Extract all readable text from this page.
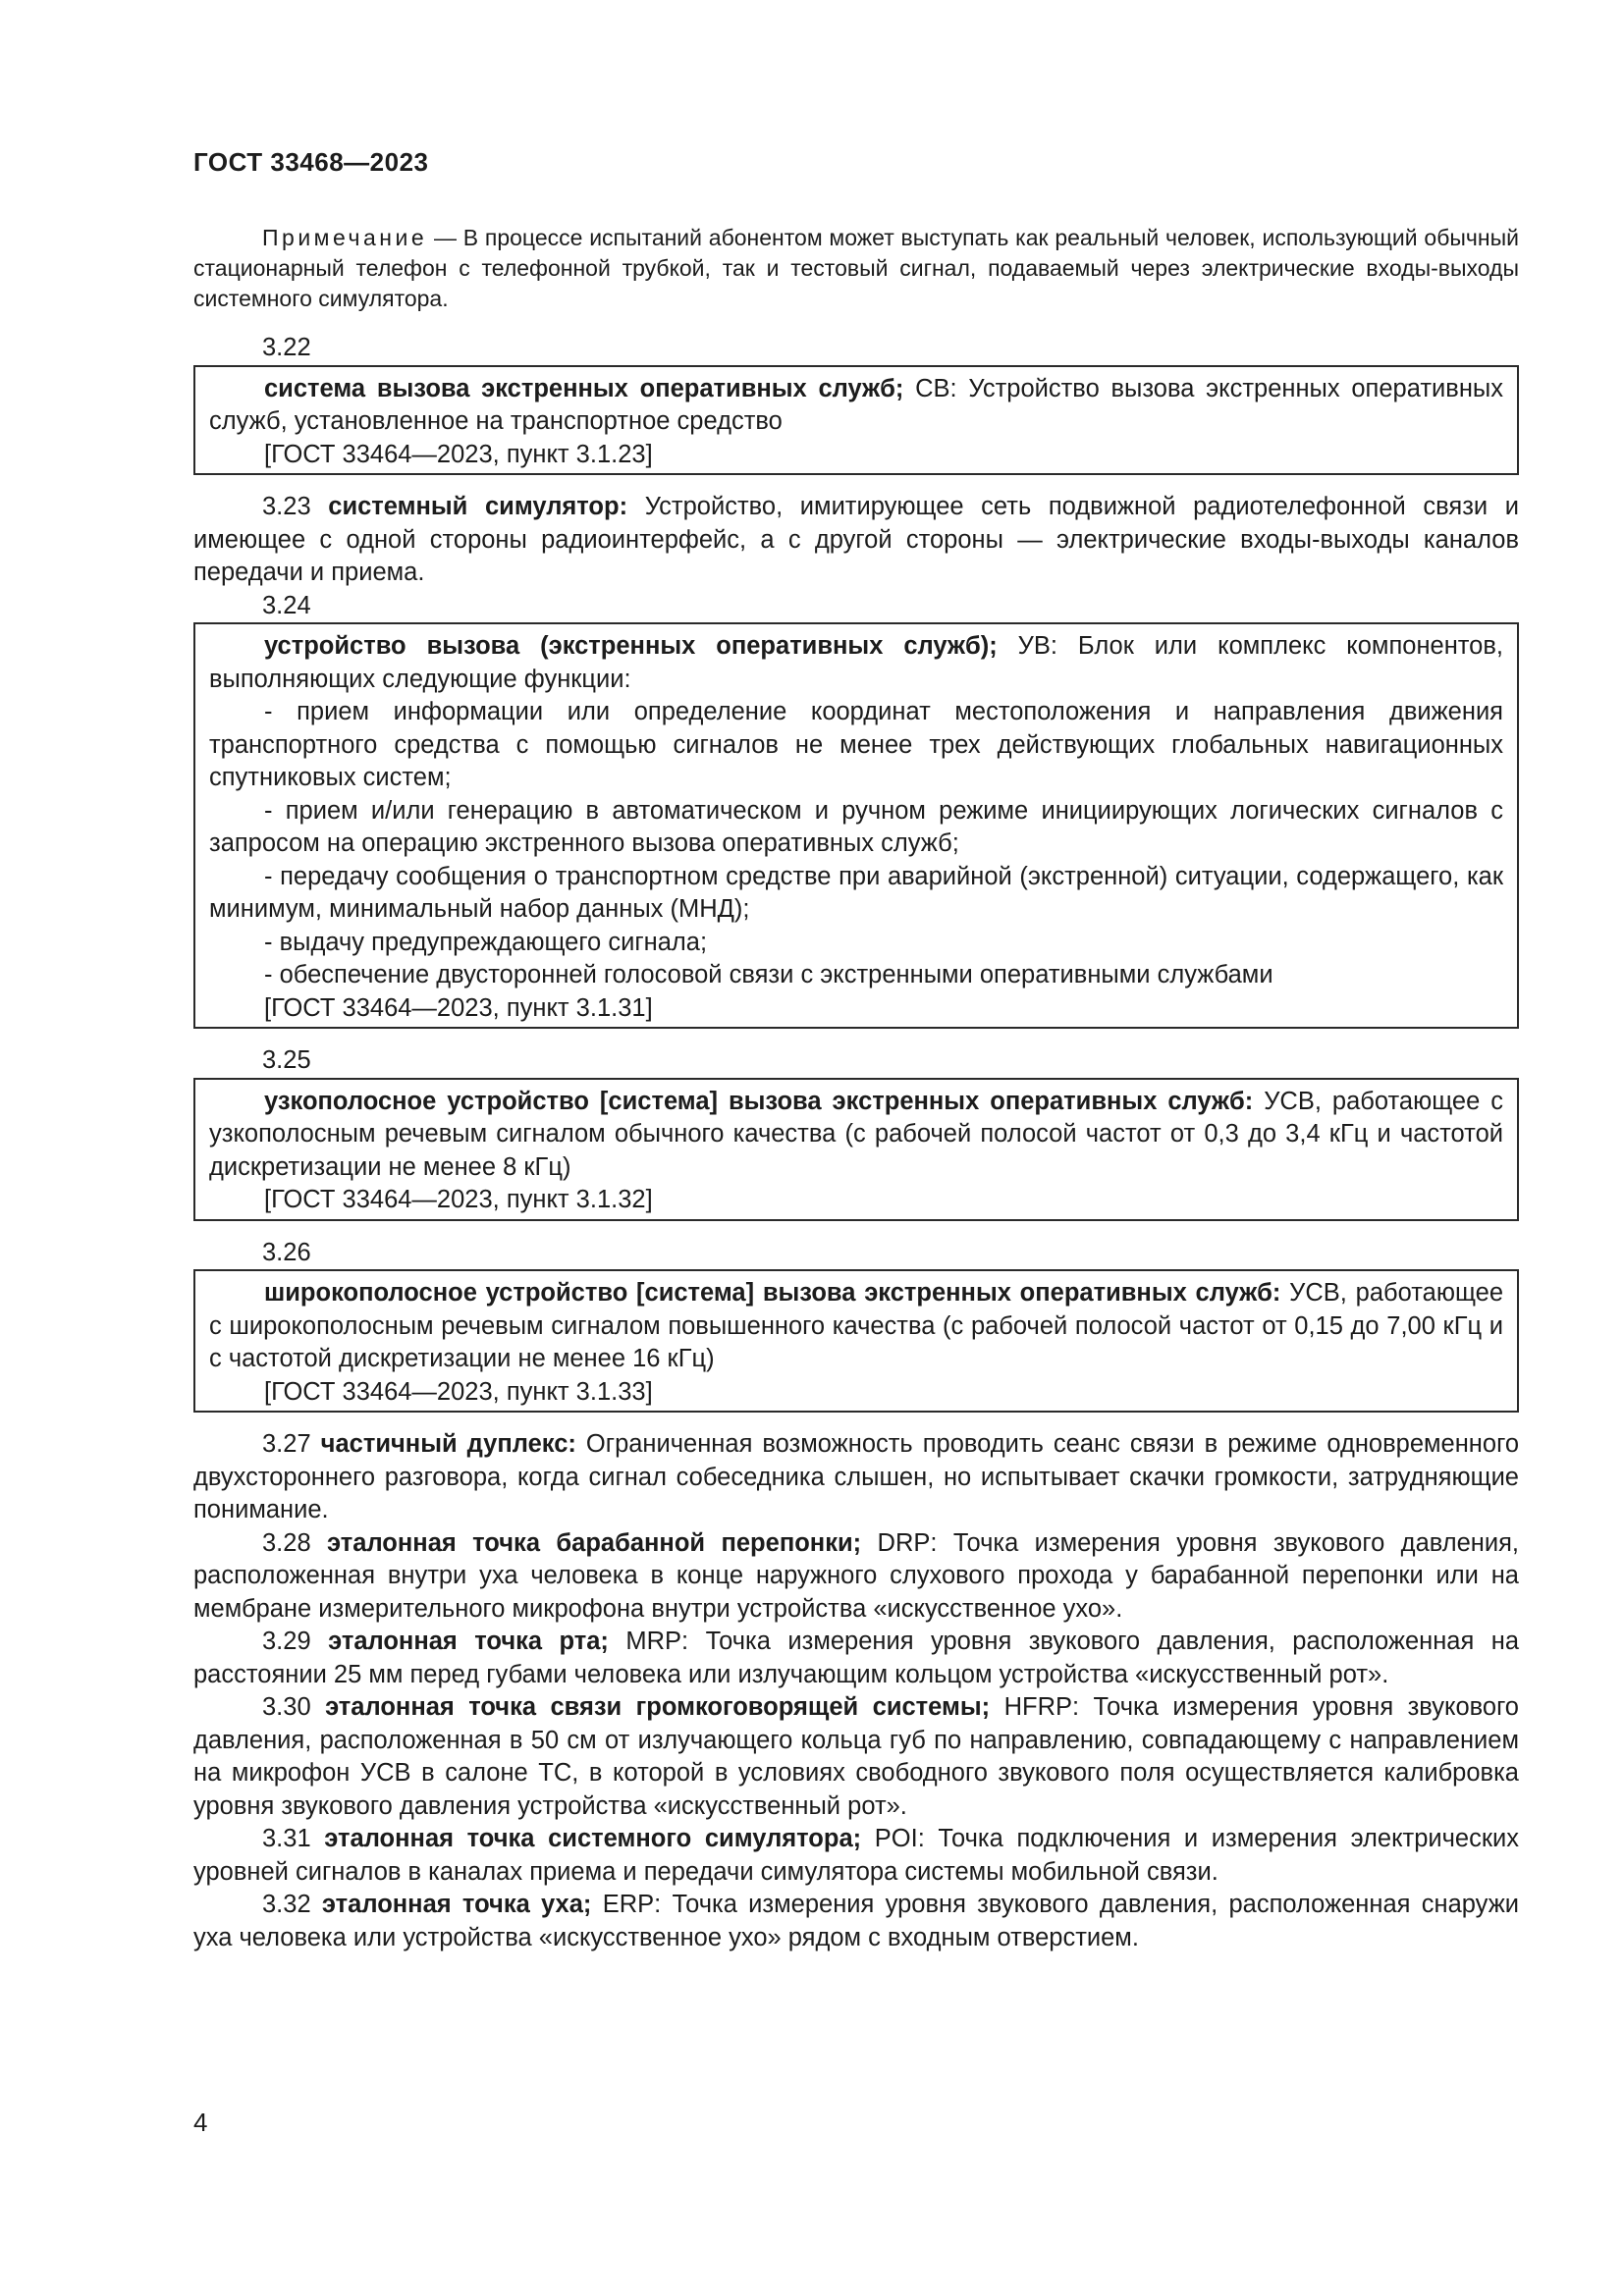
ГОСТ 33468—2023

Примечание — В процессе испытаний абонентом может выступать как реальный человек, использующий обычный стационарный телефон с телефонной трубкой, так и тестовый сигнал, подаваемый через электрические входы-выходы системного симулятора.

3.22

система вызова экстренных оперативных служб; СВ: Устройство вызова экстренных оперативных служб, установленное на транспортное средство

[ГОСТ 33464—2023, пункт 3.1.23]

3.23 системный симулятор: Устройство, имитирующее сеть подвижной радиотелефонной связи и имеющее с одной стороны радиоинтерфейс, а с другой стороны — электрические входы-выходы каналов передачи и приема.

3.24

устройство вызова (экстренных оперативных служб); УВ: Блок или комплекс компонентов, выполняющих следующие функции:

- прием информации или определение координат местоположения и направления движения транспортного средства с помощью сигналов не менее трех действующих глобальных навигационных спутниковых систем;

- прием и/или генерацию в автоматическом и ручном режиме инициирующих логических сигналов с запросом на операцию экстренного вызова оперативных служб;

- передачу сообщения о транспортном средстве при аварийной (экстренной) ситуации, содержащего, как минимум, минимальный набор данных (МНД);

- выдачу предупреждающего сигнала;

- обеспечение двусторонней голосовой связи с экстренными оперативными службами

[ГОСТ 33464—2023, пункт 3.1.31]

3.25

узкополосное устройство [система] вызова экстренных оперативных служб: УСВ, работающее с узкополосным речевым сигналом обычного качества (с рабочей полосой частот от 0,3 до 3,4 кГц и частотой дискретизации не менее 8 кГц)

[ГОСТ 33464—2023, пункт 3.1.32]

3.26

широкополосное устройство [система] вызова экстренных оперативных служб: УСВ, работающее с широкополосным речевым сигналом повышенного качества (с рабочей полосой частот от 0,15 до 7,00 кГц и с частотой дискретизации не менее 16 кГц)

[ГОСТ 33464—2023, пункт 3.1.33]

3.27 частичный дуплекс: Ограниченная возможность проводить сеанс связи в режиме одновременного двухстороннего разговора, когда сигнал собеседника слышен, но испытывает скачки громкости, затрудняющие понимание.

3.28 эталонная точка барабанной перепонки; DRP: Точка измерения уровня звукового давления, расположенная внутри уха человека в конце наружного слухового прохода у барабанной перепонки или на мембране измерительного микрофона внутри устройства «искусственное ухо».

3.29 эталонная точка рта; MRP: Точка измерения уровня звукового давления, расположенная на расстоянии 25 мм перед губами человека или излучающим кольцом устройства «искусственный рот».

3.30 эталонная точка связи громкоговорящей системы; HFRP: Точка измерения уровня звукового давления, расположенная в 50 см от излучающего кольца губ по направлению, совпадающему с направлением на микрофон УСВ в салоне ТС, в которой в условиях свободного звукового поля осуществляется калибровка уровня звукового давления устройства «искусственный рот».

3.31 эталонная точка системного симулятора; POI: Точка подключения и измерения электрических уровней сигналов в каналах приема и передачи симулятора системы мобильной связи.

3.32 эталонная точка уха; ERP: Точка измерения уровня звукового давления, расположенная снаружи уха человека или устройства «искусственное ухо» рядом с входным отверстием.

4
